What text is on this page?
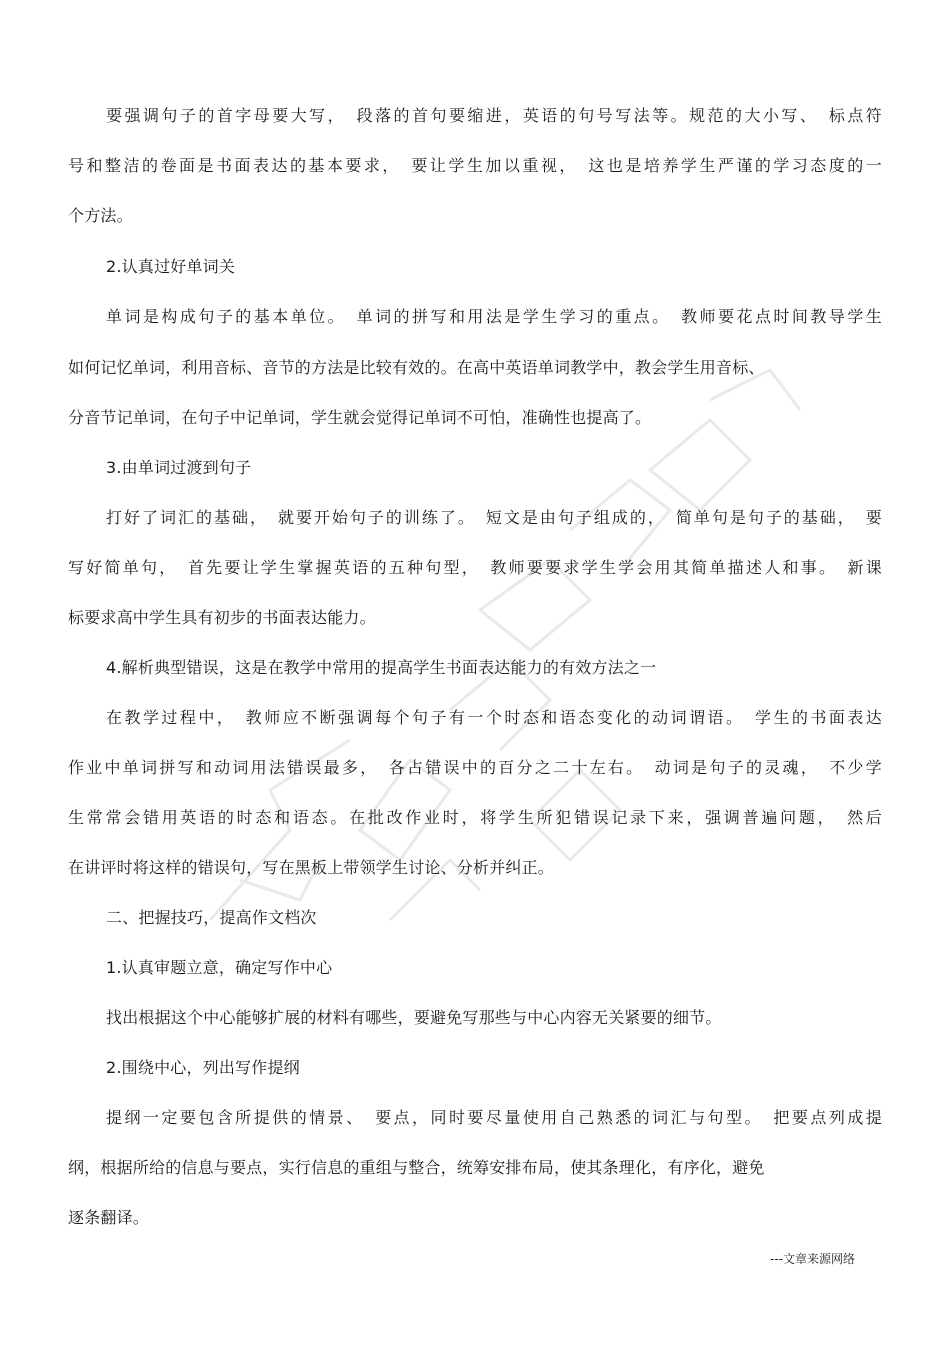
要强调句子的首字母要大写，　段落的首句要缩进，英语的句号写法等。规范的大小写、　标点符
号和整洁的卷面是书面表达的基本要求，　要让学生加以重视，　这也是培养学生严谨的学习态度的一
个方法。
2.认真过好单词关
单词是构成句子的基本单位。　单词的拼写和用法是学生学习的重点。　教师要花点时间教导学生
如何记忆单词，利用音标、音节的方法是比较有效的。在高中英语单词教学中，教会学生用音标、
分音节记单词，在句子中记单词，学生就会觉得记单词不可怕，准确性也提高了。
3.由单词过渡到句子
打好了词汇的基础，　就要开始句子的训练了。　短文是由句子组成的，　简单句是句子的基础，　要
写好简单句，　首先要让学生掌握英语的五种句型，　教师要要求学生学会用其简单描述人和事。　新课
标要求高中学生具有初步的书面表达能力。
4.解析典型错误，这是在教学中常用的提高学生书面表达能力的有效方法之一
在教学过程中，　教师应不断强调每个句子有一个时态和语态变化的动词谓语。　学生的书面表达
作业中单词拼写和动词用法错误最多，　各占错误中的百分之二十左右。　动词是句子的灵魂，　不少学
生常常会错用英语的时态和语态。在批改作业时，将学生所犯错误记录下来，强调普遍问题，　然后
在讲评时将这样的错误句，写在黑板上带领学生讨论、分析并纠正。
二、把握技巧，提高作文档次
1.认真审题立意，确定写作中心
找出根据这个中心能够扩展的材料有哪些，要避免写那些与中心内容无关紧要的细节。
2.围绕中心，列出写作提纲
提纲一定要包含所提供的情景、　要点，同时要尽量使用自己熟悉的词汇与句型。　把要点列成提
纲，根据所给的信息与要点，实行信息的重组与整合，统筹安排布局，使其条理化，有序化，避免
逐条翻译。
---文章来源网络
